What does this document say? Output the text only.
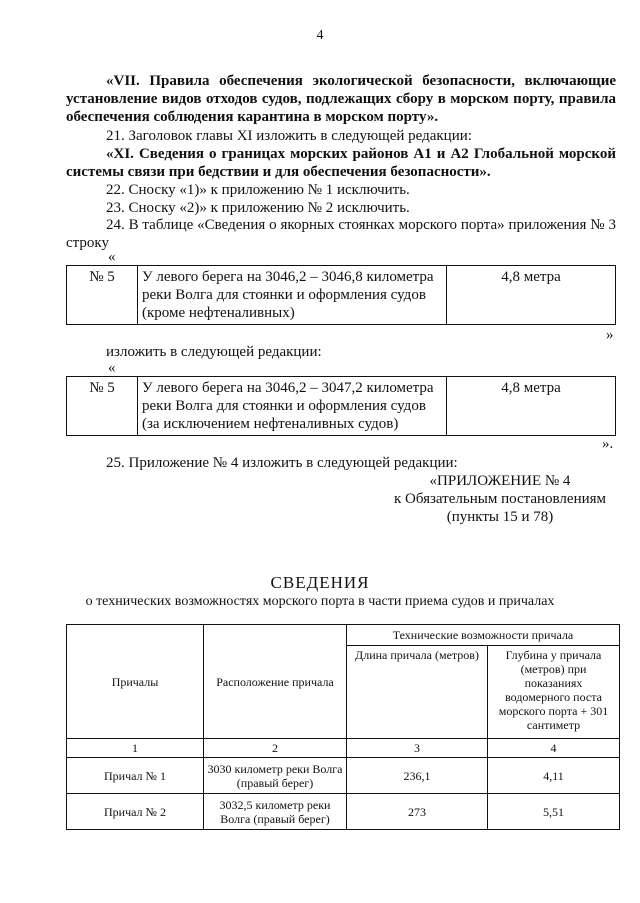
4
«VII. Правила обеспечения экологической безопасности, включающие установление видов отходов судов, подлежащих сбору в морском порту, правила обеспечения соблюдения карантина в морском порту».
21. Заголовок главы XI изложить в следующей редакции:
«XI. Сведения о границах морских районов А1 и А2 Глобальной морской системы связи при бедствии и для обеспечения безопасности».
22. Сноску «1)» к приложению № 1 исключить.
23. Сноску «2)» к приложению № 2 исключить.
24. В таблице «Сведения о якорных стоянках морского порта» приложения № 3 строку
«
№ 5	У левого берега на 3046,2 – 3046,8 километра реки Волга для стоянки и оформления судов (кроме нефтеналивных)	4,8 метра
»
изложить в следующей редакции:
«
№ 5	У левого берега на 3046,2 – 3047,2 километра реки Волга для стоянки и оформления судов (за исключением нефтеналивных судов)	4,8 метра
».
25. Приложение № 4 изложить в следующей редакции:
«ПРИЛОЖЕНИЕ № 4
к Обязательным постановлениям
(пункты 15 и 78)
СВЕДЕНИЯ
о технических возможностях морского порта в части приема судов и причалах
Причалы	Расположение причала	Технические возможности причала	
		Длина причала (метров)	Глубина у причала (метров) при показаниях водомерного поста морского порта + 301 сантиметр
1	2	3	4
Причал № 1	3030 километр реки Волга (правый берег)	236,1	4,11
Причал № 2	3032,5 километр реки Волга (правый берег)	273	5,51
